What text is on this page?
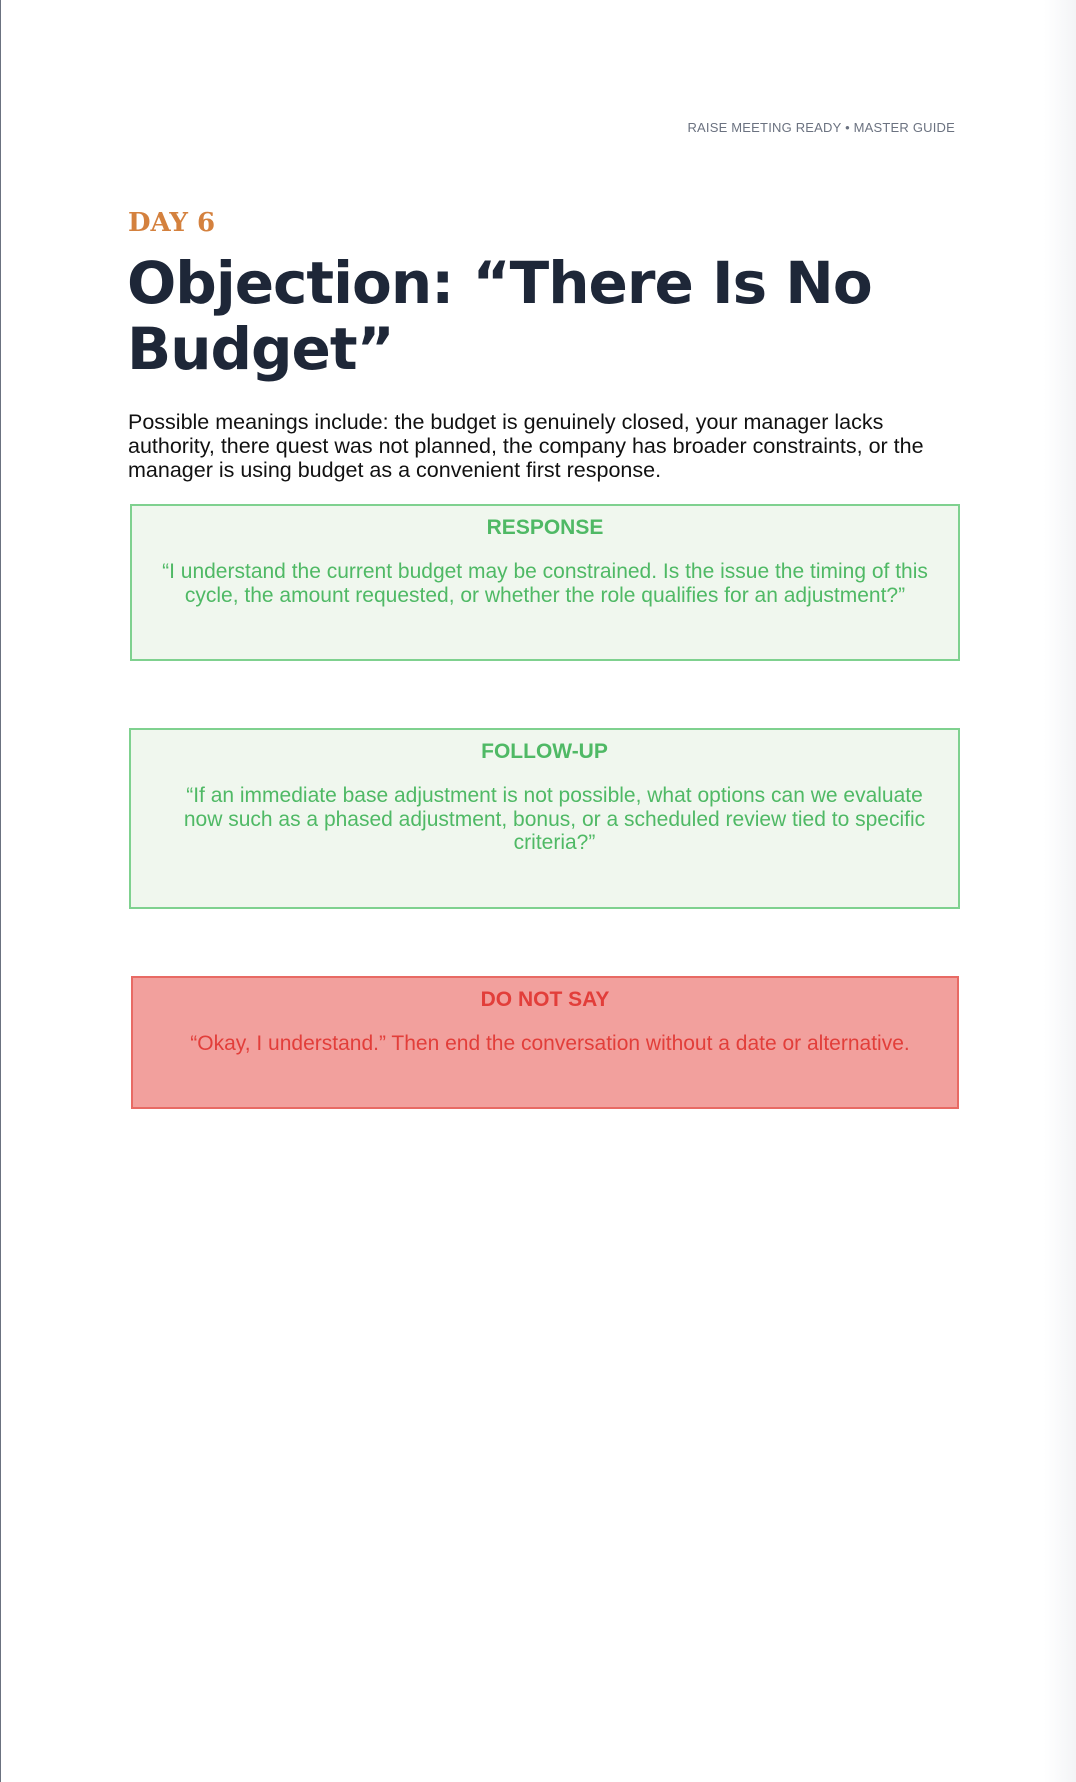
RAISE MEETING READY • MASTER GUIDE
DAY 6
Objection: “There Is No Budget”

Possible meanings include: the budget is genuinely closed, your manager lacks authority, there quest was not planned, the company has broader constraints, or the manager is using budget as a convenient first response.

RESPONSE
“I understand the current budget may be constrained. Is the issue the timing of this cycle, the amount requested, or whether the role qualifies for an adjustment?”
FOLLOW-UP
“If an immediate base adjustment is not possible, what options can we evaluate now such as a phased adjustment, bonus, or a scheduled review tied to specific criteria?”
DO NOT SAY
“Okay, I understand.” Then end the conversation without a date or alternative.
